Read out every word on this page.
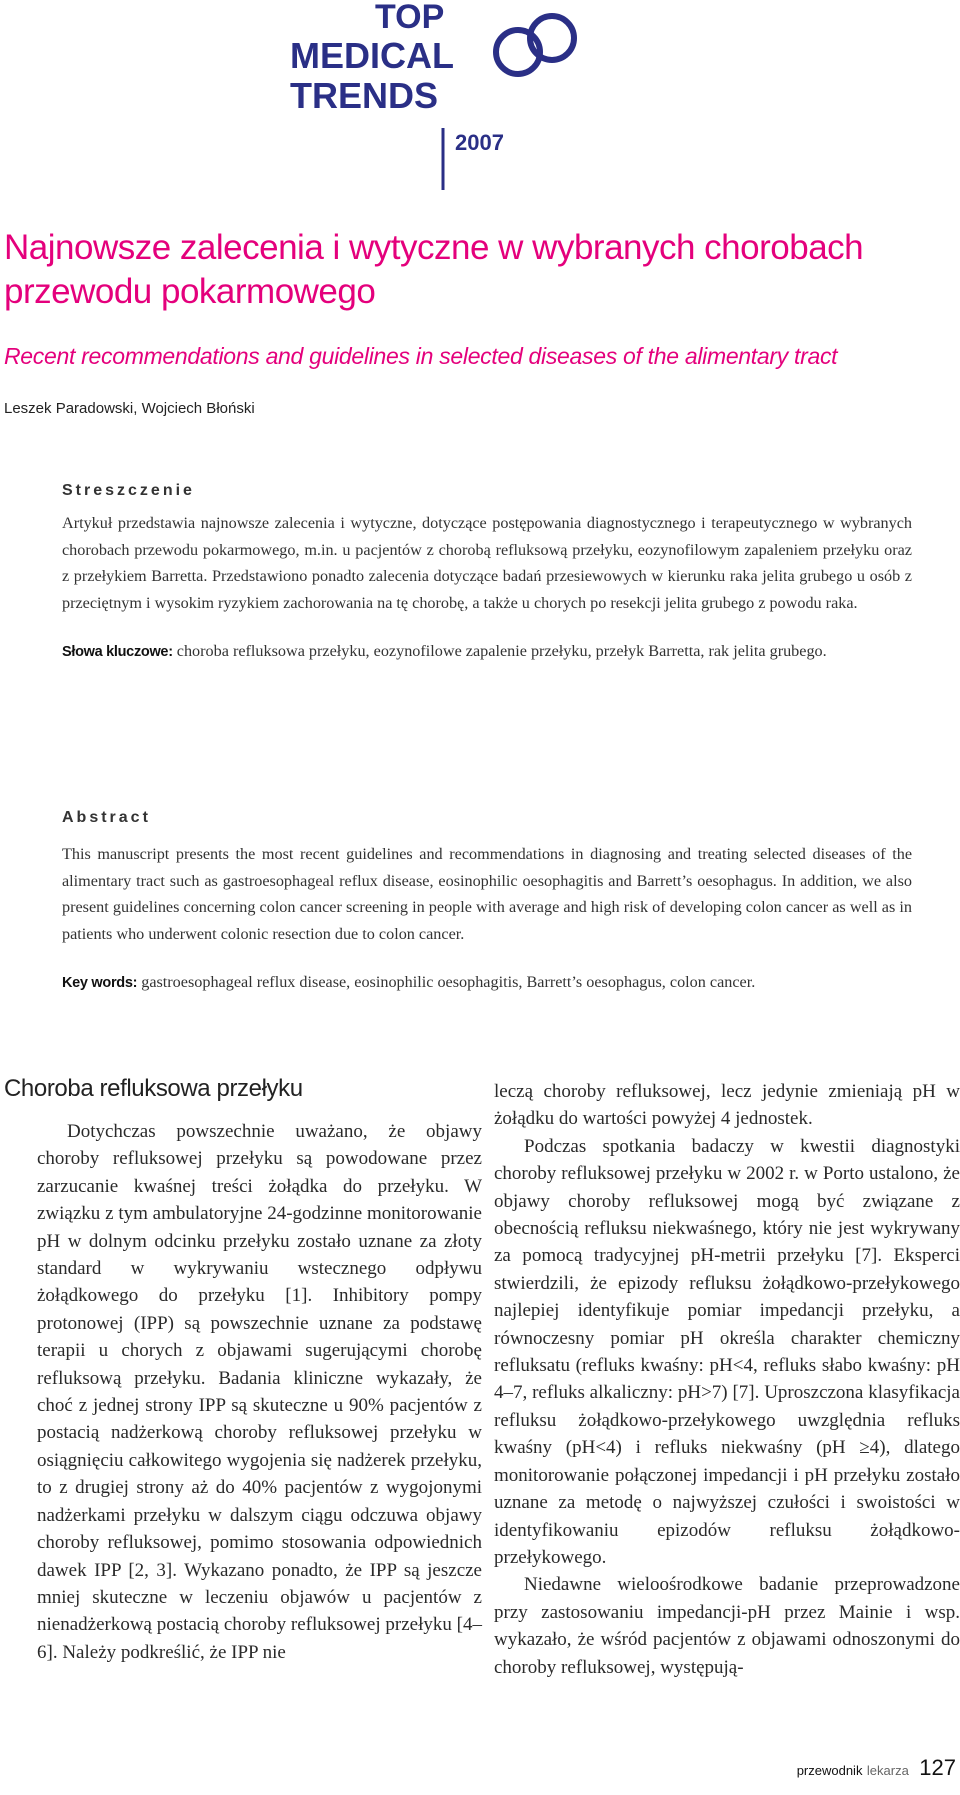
TOP
MEDICAL
TRENDS
2007
Najnowsze zalecenia i wytyczne w wybranych chorobach przewodu pokarmowego
Recent recommendations and guidelines in selected diseases of the alimentary tract
Leszek Paradowski, Wojciech Błoński
Streszczenie
Artykuł przedstawia najnowsze zalecenia i wytyczne, dotyczące postępowania diagnostycznego i terapeutycznego w wybranych chorobach przewodu pokarmowego, m.in. u pacjentów z chorobą refluksową przełyku, eozynofilowym zapaleniem przełyku oraz z przełykiem Barretta. Przedstawiono ponadto zalecenia dotyczące badań przesiewowych w kierunku raka jelita grubego u osób z przeciętnym i wysokim ryzykiem zachorowania na tę chorobę, a także u chorych po resekcji jelita grubego z powodu raka.
Słowa kluczowe: choroba refluksowa przełyku, eozynofilowe zapalenie przełyku, przełyk Barretta, rak jelita grubego.
Abstract
This manuscript presents the most recent guidelines and recommendations in diagnosing and treating selected diseases of the alimentary tract such as gastroesophageal reflux disease, eosinophilic oesophagitis and Barrett’s oesophagus. In addition, we also present guidelines concerning colon cancer screening in people with average and high risk of developing colon cancer as well as in patients who underwent colonic resection due to colon cancer.
Key words: gastroesophageal reflux disease, eosinophilic oesophagitis, Barrett’s oesophagus, colon cancer.
Choroba refluksowa przełyku

Dotychczas powszechnie uważano, że objawy choroby refluksowej przełyku są powodowane przez zarzucanie kwaśnej treści żołądka do przełyku. W związku z tym ambulatoryjne 24-godzinne monitorowanie pH w dolnym odcinku przełyku zostało uznane za złoty standard w wykrywaniu wstecznego odpływu żołądkowego do przełyku [1]. Inhibitory pompy protonowej (IPP) są powszechnie uznane za podstawę terapii u chorych z objawami sugerującymi chorobę refluksową przełyku. Badania kliniczne wykazały, że choć z jednej strony IPP są skuteczne u 90% pacjentów z postacią nadżerkową choroby refluksowej przełyku w osiągnięciu całkowitego wygojenia się nadżerek przełyku, to z drugiej strony aż do 40% pacjentów z wygojonymi nadżerkami przełyku w dalszym ciągu odczuwa objawy choroby refluksowej, pomimo stosowania odpowiednich dawek IPP [2, 3]. Wykazano ponadto, że IPP są jeszcze mniej skuteczne w leczeniu objawów u pacjentów z nienadżerkową postacią choroby refluksowej przełyku [4–6]. Należy podkreślić, że IPP nie

leczą choroby refluksowej, lecz jedynie zmieniają pH w żołądku do wartości powyżej 4 jednostek.

Podczas spotkania badaczy w kwestii diagnostyki choroby refluksowej przełyku w 2002 r. w Porto ustalono, że objawy choroby refluksowej mogą być związane z obecnością refluksu niekwaśnego, który nie jest wykrywany za pomocą tradycyjnej pH-metrii przełyku [7]. Eksperci stwierdzili, że epizody refluksu żołądkowo-przełykowego najlepiej identyfikuje pomiar impedancji przełyku, a równoczesny pomiar pH określa charakter chemiczny refluksatu (refluks kwaśny: pH<4, refluks słabo kwaśny: pH 4–7, refluks alkaliczny: pH>7) [7]. Uproszczona klasyfikacja refluksu żołądkowo-przełykowego uwzględnia refluks kwaśny (pH<4) i refluks niekwaśny (pH ≥4), dlatego monitorowanie połączonej impedancji i pH przełyku zostało uznane za metodę o najwyższej czułości i swoistości w identyfikowaniu epizodów refluksu żołądkowo-przełykowego.

Niedawne wieloośrodkowe badanie przeprowadzone przy zastosowaniu impedancji-pH przez Mainie i wsp. wykazało, że wśród pacjentów z objawami odnoszonymi do choroby refluksowej, występują-

przewodnik lekarza 127
